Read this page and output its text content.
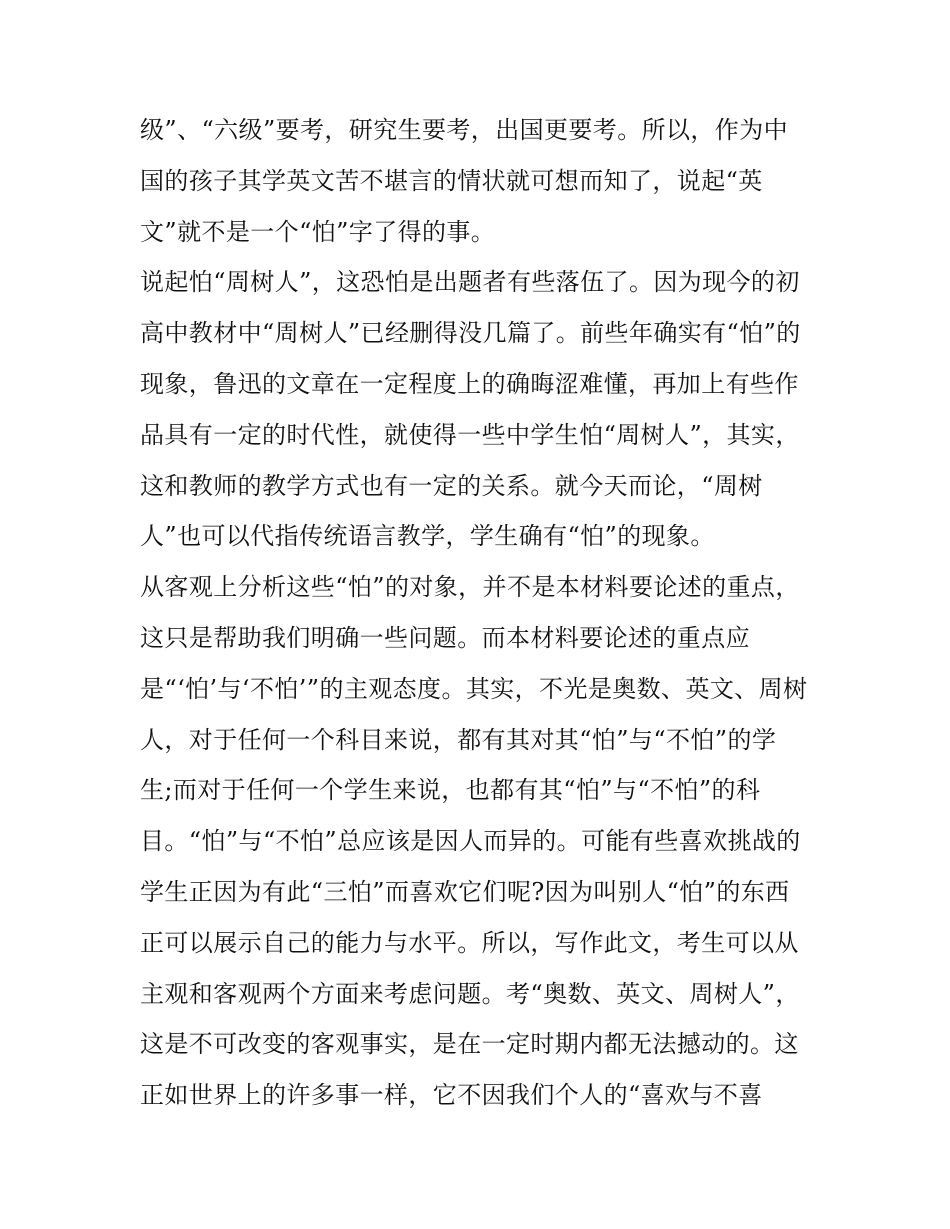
级”、“六级”要考，研究生要考，出国更要考。所以，作为中
国的孩子其学英文苦不堪言的情状就可想而知了，说起“英
文”就不是一个“怕”字了得的事。
说起怕“周树人”，这恐怕是出题者有些落伍了。因为现今的初
高中教材中“周树人”已经删得没几篇了。前些年确实有“怕”的
现象，鲁迅的文章在一定程度上的确晦涩难懂，再加上有些作
品具有一定的时代性，就使得一些中学生怕“周树人”，其实，
这和教师的教学方式也有一定的关系。就今天而论，“周树
人”也可以代指传统语言教学，学生确有“怕”的现象。
从客观上分析这些“怕”的对象，并不是本材料要论述的重点，
这只是帮助我们明确一些问题。而本材料要论述的重点应
是“‘怕’与‘不怕’”的主观态度。其实，不光是奥数、英文、周树
人，对于任何一个科目来说，都有其对其“怕”与“不怕”的学
生;而对于任何一个学生来说，也都有其“怕”与“不怕”的科
目。“怕”与“不怕”总应该是因人而异的。可能有些喜欢挑战的
学生正因为有此“三怕”而喜欢它们呢?因为叫别人“怕”的东西
正可以展示自己的能力与水平。所以，写作此文，考生可以从
主观和客观两个方面来考虑问题。考“奥数、英文、周树人”，
这是不可改变的客观事实，是在一定时期内都无法撼动的。这
正如世界上的许多事一样，它不因我们个人的“喜欢与不喜
